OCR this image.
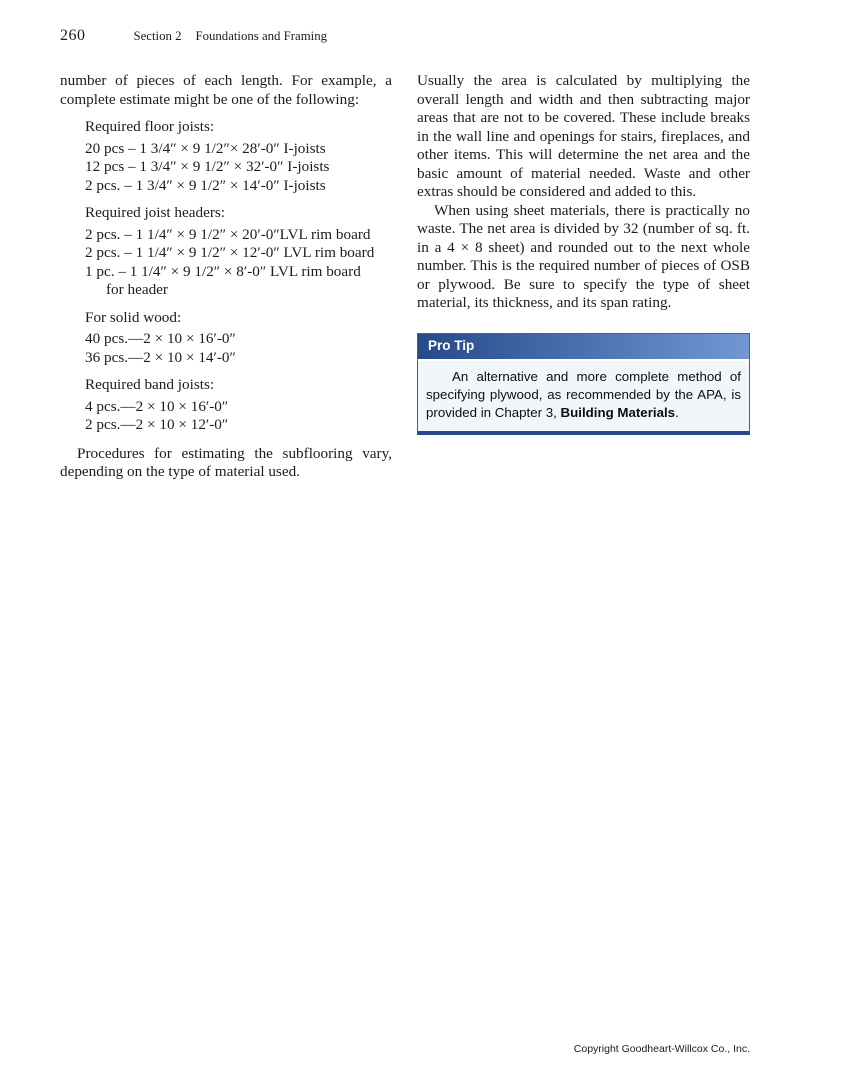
260	Section 2 Foundations and Framing

number of pieces of each length. For example, a complete estimate might be one of the following:

Required floor joists:

20 pcs – 1 3/4″ × 9 1/2″× 28′-0″ I-joists

12 pcs – 1 3/4″ × 9 1/2″ × 32′-0″ I-joists

2 pcs. – 1 3/4″ × 9 1/2″ × 14′-0″ I-joists

Required joist headers:

2 pcs. – 1 1/4″ × 9 1/2″ × 20′-0″LVL rim board

2 pcs. – 1 1/4″ × 9 1/2″ × 12′-0″ LVL rim board

1 pc. – 1 1/4″ × 9 1/2″ × 8′-0″ LVL rim board

for header

For solid wood:

40 pcs.—2 × 10 × 16′-0″

36 pcs.—2 × 10 × 14′-0″

Required band joists:

4 pcs.—2 × 10 × 16′-0″

2 pcs.—2 × 10 × 12′-0″

Procedures for estimating the subflooring vary, depending on the type of material used.

Usually the area is calculated by multiplying the overall length and width and then subtracting major areas that are not to be covered. These include breaks in the wall line and openings for stairs, fireplaces, and other items. This will determine the net area and the basic amount of material needed. Waste and other extras should be considered and added to this.

When using sheet materials, there is practically no waste. The net area is divided by 32 (number of sq. ft. in a 4 × 8 sheet) and rounded out to the next whole number. This is the required number of pieces of OSB or plywood. Be sure to specify the type of sheet material, its thickness, and its span rating.

Pro Tip

An alternative and more complete method of specifying plywood, as recommended by the APA, is provided in Chapter 3, Building Materials.

Copyright Goodheart-Willcox Co., Inc.
